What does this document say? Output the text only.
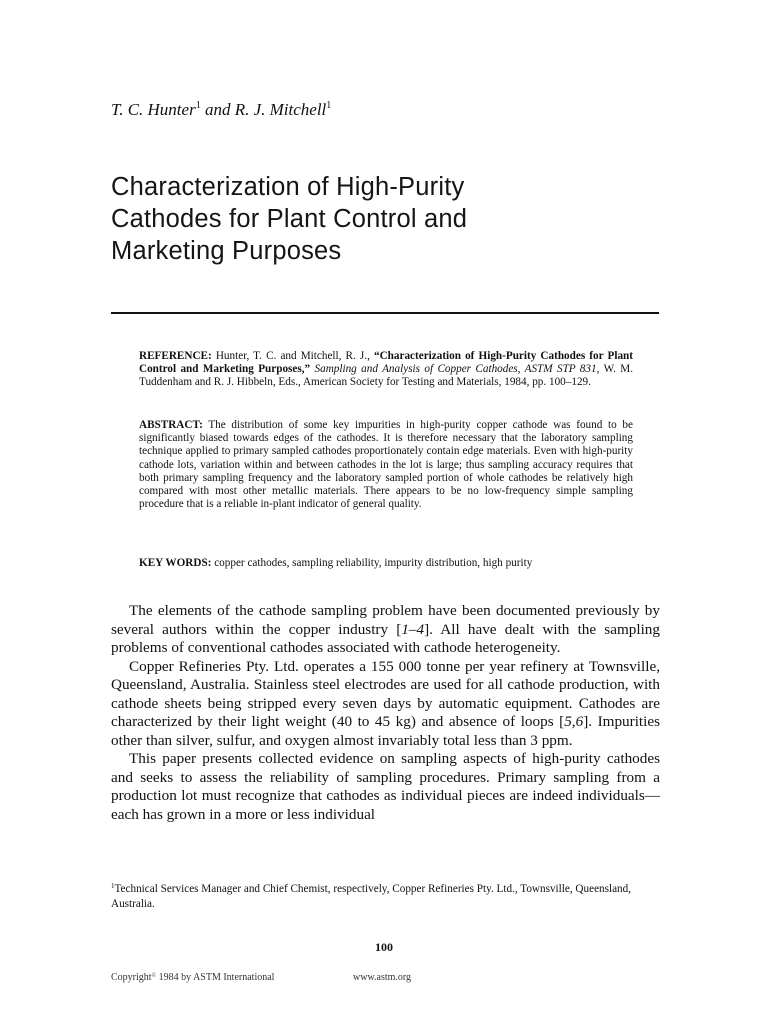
T. C. Hunter$^1$ and R. J. Mitchell$^1$
Characterization of High-Purity
Cathodes for Plant Control and
Marketing Purposes
REFERENCE: Hunter, T. C. and Mitchell, R. J., “Characterization of High-Purity Cathodes for Plant Control and Marketing Purposes,” Sampling and Analysis of Copper Cathodes, ASTM STP 831, W. M. Tuddenham and R. J. Hibbeln, Eds., American Society for Testing and Materials, 1984, pp. 100–129.
ABSTRACT: The distribution of some key impurities in high-purity copper cathode was found to be significantly biased towards edges of the cathodes. It is therefore necessary that the laboratory sampling technique applied to primary sampled cathodes proportionately contain edge materials. Even with high-purity cathode lots, variation within and between cathodes in the lot is large; thus sampling accuracy requires that both primary sampling frequency and the laboratory sampled portion of whole cathodes be relatively high compared with most other metallic materials. There appears to be no low-frequency simple sampling procedure that is a reliable in-plant indicator of general quality.
KEY WORDS: copper cathodes, sampling reliability, impurity distribution, high purity

The elements of the cathode sampling problem have been documented previously by several authors within the copper industry [1–4]. All have dealt with the sampling problems of conventional cathodes associated with cathode heterogeneity.

Copper Refineries Pty. Ltd. operates a 155 000 tonne per year refinery at Townsville, Queensland, Australia. Stainless steel electrodes are used for all cathode production, with cathode sheets being stripped every seven days by automatic equipment. Cathodes are characterized by their light weight (40 to 45 kg) and absence of loops [5,6]. Impurities other than silver, sulfur, and oxygen almost invariably total less than 3 ppm.

This paper presents collected evidence on sampling aspects of high-purity cathodes and seeks to assess the reliability of sampling procedures. Primary sampling from a production lot must recognize that cathodes as individual pieces are indeed individuals—each has grown in a more or less individual

$^1$Technical Services Manager and Chief Chemist, respectively, Copper Refineries Pty. Ltd., Townsville, Queensland, Australia.
100
Copyright© 1984 by ASTM International	www.astm.org
